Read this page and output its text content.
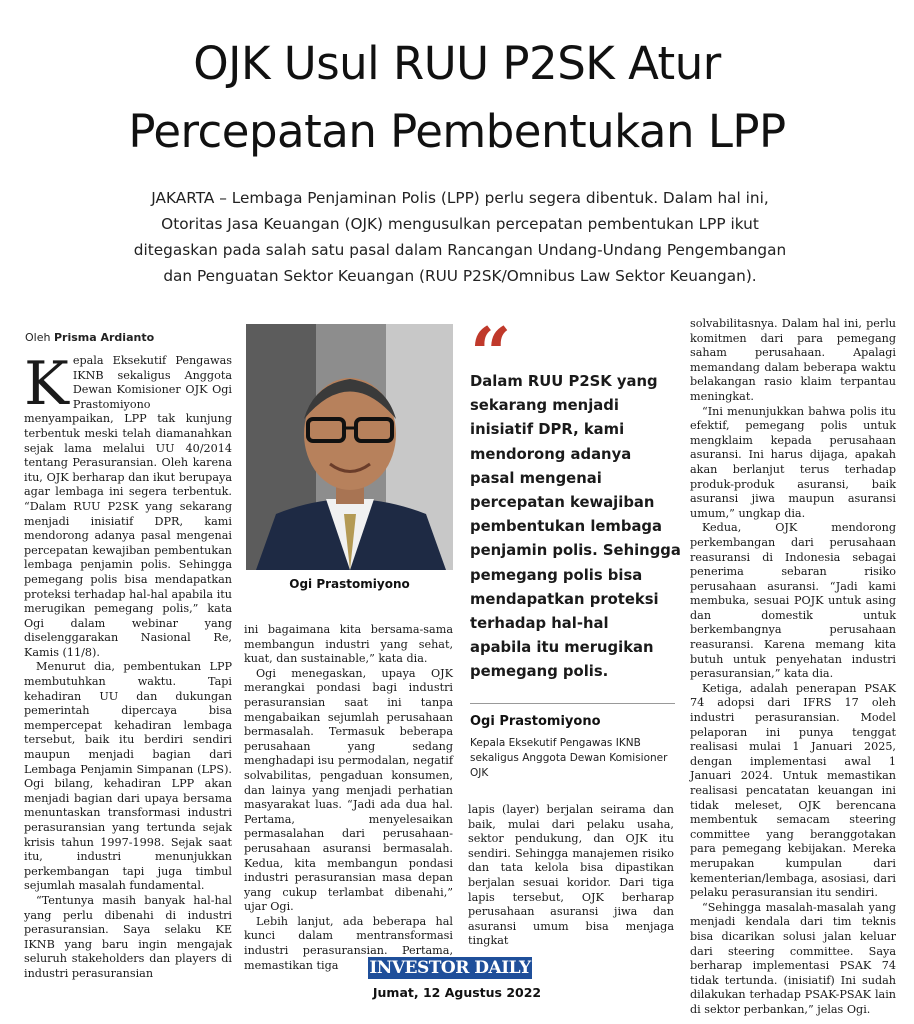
OJK Usul RUU P2SK Atur
Percepatan Pembentukan LPP

JAKARTA – Lembaga Penjaminan Polis (LPP) perlu segera dibentuk. Dalam hal ini,

Otoritas Jasa Keuangan (OJK) mengusulkan percepatan pembentukan LPP ikut

ditegaskan pada salah satu pasal dalam Rancangan Undang-Undang Pengembangan

dan Penguatan Sektor Keuangan (RUU P2SK/Omnibus Law Sektor Keuangan).

Oleh Prisma Ardianto
K epala Eksekutif Pengawas IKNB sekaligus Anggota Dewan Komisioner OJK Ogi Prastomiyono menyampaikan, LPP tak kunjung terbentuk meski telah diamanahkan sejak lama melalui UU 40/2014 tentang Perasuransian. Oleh karena itu, OJK berharap dan ikut berupaya agar lembaga ini segera terbentuk. “Dalam RUU P2SK yang sekarang menjadi inisiatif DPR, kami mendorong adanya pasal mengenai percepatan kewajiban pembentukan lembaga penjamin polis. Sehingga pemegang polis bisa mendapatkan proteksi terhadap hal-hal apabila itu merugikan pemegang polis,” kata Ogi dalam webinar yang diselenggarakan Nasional Re, Kamis (11/8).

Menurut dia, pembentukan LPP membutuhkan waktu. Tapi kehadiran UU dan dukungan pemerintah dipercaya bisa mempercepat kehadiran lembaga tersebut, baik itu berdiri sendiri maupun menjadi bagian dari Lembaga Penjamin Simpanan (LPS). Ogi bilang, kehadiran LPP akan menjadi bagian dari upaya bersama menuntaskan transformasi industri perasuransian yang tertunda sejak krisis tahun 1997-1998. Sejak saat itu, industri menunjukkan perkembangan tapi juga timbul sejumlah masalah fundamental.

“Tentunya masih banyak hal-hal yang perlu dibenahi di industri perasuransian. Saya selaku KE IKNB yang baru ingin mengajak seluruh stakeholders dan players di industri perasuransian

Ogi Prastomiyono

ini bagaimana kita bersama-sama membangun industri yang sehat, kuat, dan sustainable,” kata dia.

Ogi menegaskan, upaya OJK merangkai pondasi bagi industri perasuransian saat ini tanpa mengabaikan sejumlah perusahaan bermasalah. Termasuk beberapa perusahaan yang sedang menghadapi isu permodalan, negatif solvabilitas, pengaduan konsumen, dan lainya yang menjadi perhatian masyarakat luas. “Jadi ada dua hal. Pertama, menyelesaikan permasalahan dari perusahaan-perusahaan asuransi bermasalah. Kedua, kita membangun pondasi industri perasuransian masa depan yang cukup terlambat dibenahi,” ujar Ogi.

Lebih lanjut, ada beberapa hal kunci dalam mentransformasi industri perasuransian. Pertama, memastikan tiga

“

Dalam RUU P2SK yang

sekarang menjadi

inisiatif DPR, kami

mendorong adanya

pasal mengenai

percepatan kewajiban

pembentukan lembaga

penjamin polis. Sehingga

pemegang polis bisa

mendapatkan proteksi

terhadap hal-hal

apabila itu merugikan

pemegang polis.

Ogi Prastomiyono

Kepala Eksekutif Pengawas IKNB

sekaligus Anggota Dewan Komisioner OJK

lapis (layer) berjalan seirama dan baik, mulai dari pelaku usaha, sektor pendukung, dan OJK itu sendiri. Sehingga manajemen risiko dan tata kelola bisa dipastikan berjalan sesuai koridor. Dari tiga lapis tersebut, OJK berharap perusahaan asuransi jiwa dan asuransi umum bisa menjaga tingkat

solvabilitasnya. Dalam hal ini, perlu komitmen dari para pemegang saham perusahaan. Apalagi memandang dalam beberapa waktu belakangan rasio klaim terpantau meningkat.

“Ini menunjukkan bahwa polis itu efektif, pemegang polis untuk mengklaim kepada perusahaan asuransi. Ini harus dijaga, apakah akan berlanjut terus terhadap produk-produk asuransi, baik asuransi jiwa maupun asuransi umum,” ungkap dia.

Kedua, OJK mendorong perkembangan dari perusahaan reasuransi di Indonesia sebagai penerima sebaran risiko perusahaan asuransi. “Jadi kami membuka, sesuai POJK untuk asing dan domestik untuk berkembangnya perusahaan reasuransi. Karena memang kita butuh untuk penyehatan industri perasuransian,” kata dia.

Ketiga, adalah penerapan PSAK 74 adopsi dari IFRS 17 oleh industri perasuransian. Model pelaporan ini punya tenggat realisasi mulai 1 Januari 2025, dengan implementasi awal 1 Januari 2024. Untuk memastikan realisasi pencatatan keuangan ini tidak meleset, OJK berencana membentuk semacam steering committee yang beranggotakan para pemegang kebijakan. Mereka merupakan kumpulan dari kementerian/lembaga, asosiasi, dari pelaku perasuransian itu sendiri.

“Sehingga masalah-masalah yang menjadi kendala dari tim teknis bisa dicarikan solusi jalan keluar dari steering committee. Saya berharap implementasi PSAK 74 tidak tertunda. (inisiatif) Ini sudah dilakukan terhadap PSAK-PSAK lain di sektor perbankan,” jelas Ogi.

INVESTOR DAILY
Jumat, 12 Agustus 2022
